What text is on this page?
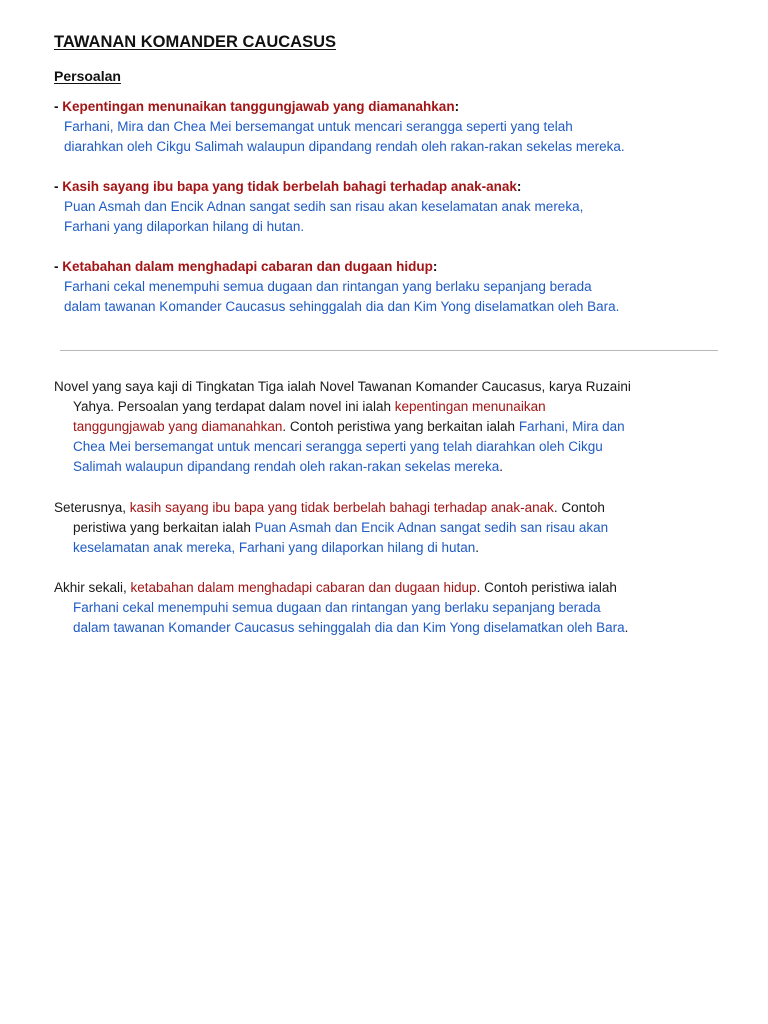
TAWANAN KOMANDER CAUCASUS
Persoalan
- Kepentingan menunaikan tanggungjawab yang diamanahkan:
Farhani, Mira dan Chea Mei bersemangat untuk mencari serangga seperti yang telah
diarahkan oleh Cikgu Salimah walaupun dipandang rendah oleh rakan-rakan sekelas mereka.
- Kasih sayang ibu bapa yang tidak berbelah bahagi terhadap anak-anak:
Puan Asmah dan Encik Adnan sangat sedih san risau akan keselamatan anak mereka,
Farhani yang dilaporkan hilang di hutan.
- Ketabahan dalam menghadapi cabaran dan dugaan hidup:
Farhani cekal menempuhi semua dugaan dan rintangan yang berlaku sepanjang berada
dalam tawanan Komander Caucasus sehinggalah dia dan Kim Yong diselamatkan oleh Bara.
Novel yang saya kaji di Tingkatan Tiga ialah Novel Tawanan Komander Caucasus, karya Ruzaini
Yahya. Persoalan yang terdapat dalam novel ini ialah kepentingan menunaikan
tanggungjawab yang diamanahkan. Contoh peristiwa yang berkaitan ialah Farhani, Mira dan
Chea Mei bersemangat untuk mencari serangga seperti yang telah diarahkan oleh Cikgu
Salimah walaupun dipandang rendah oleh rakan-rakan sekelas mereka.
Seterusnya, kasih sayang ibu bapa yang tidak berbelah bahagi terhadap anak-anak. Contoh
peristiwa yang berkaitan ialah Puan Asmah dan Encik Adnan sangat sedih san risau akan
keselamatan anak mereka, Farhani yang dilaporkan hilang di hutan.
Akhir sekali, ketabahan dalam menghadapi cabaran dan dugaan hidup. Contoh peristiwa ialah
Farhani cekal menempuhi semua dugaan dan rintangan yang berlaku sepanjang berada
dalam tawanan Komander Caucasus sehinggalah dia dan Kim Yong diselamatkan oleh Bara.
